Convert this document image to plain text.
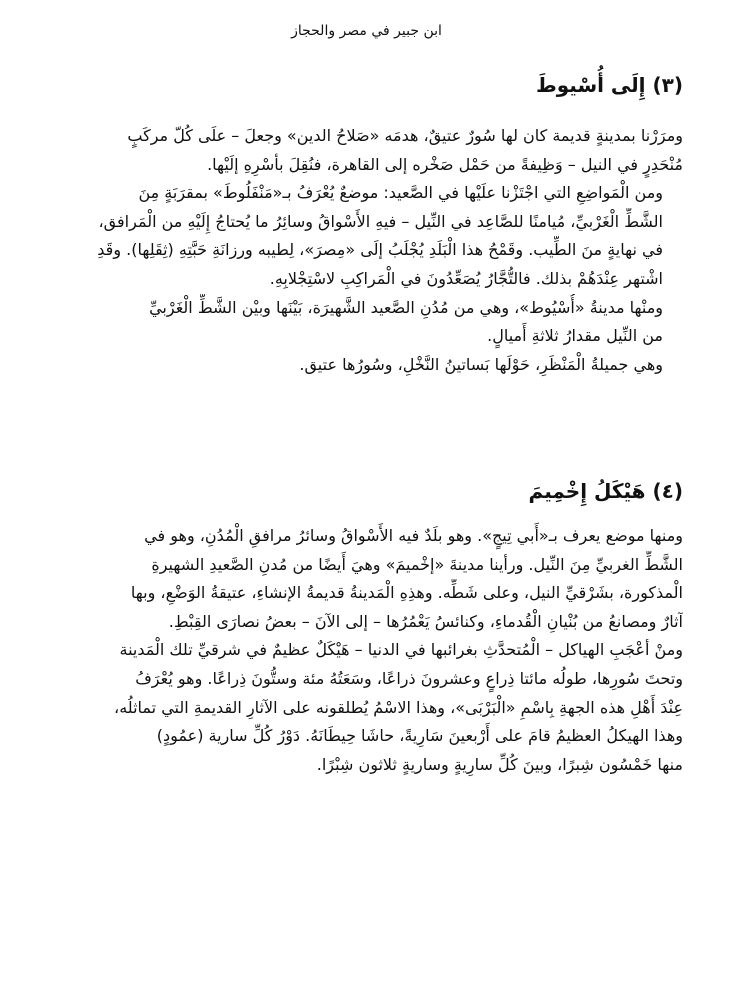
ابن جبير في مصر والحجاز
(٣) إِلَى أُسْيوطَ

ومرَرْنا بمدينةٍ قديمة كان لها سُورٌ عتيقٌ، هدمَه «صَلاحُ الدين» وجعلَ – علَى كُلّ مركَبٍ
مُنْحَدِرٍ في النيل – وَظِيفةً من حَمْل صَخْره إلى القاهرة، فنُقِلَ بأسْرِهِ إلَيْها.

ومن الْمَواضِعِ التي اجْتَزْنا علَيْها في الصَّعيد: موضعٌ يُعْرَفُ بـ«مَنْفَلُوطَ» بمقرَبَةٍ مِنَ
الشَّطِّ الْغَرْبيِّ، مُيامنًا للصَّاعِد في النِّيل – فيهِ الأَسْواقُ وسائِرُ ما يُحتاجُ إِلَيْهِ من الْمَرافق،
في نهايةٍ منَ الطِّيب. وقَمْحُ هذا الْبَلَدِ يُجْلَبُ إلَى «مِصرَ»، لِطيبه ورزانَةِ حَبَّتِهِ (ثِقَلِها). وقَدِ
اشْتهر عِنْدَهُمْ بذلك. فالتُّجَّارُ يُصَعِّدُونَ في الْمَراكِبِ لاسْتِجْلابِهِ.

ومنْها مدينةُ «أُسْيُوط»، وهي من مُدُنِ الصَّعيد الشَّهيرَة، بَيْنَها وبيْن الشَّطِّ الْغَرْبيِّ
من النِّيل مقدارُ ثلاثةِ أَميالٍ.

وهي جميلةُ الْمَنْظَرِ، حَوْلَها بَساتينُ النَّخْلِ، وسُورُها عتيق.

(٤) هَيْكَلُ إِخْمِيمَ

ومنها موضع يعرف بـ«أَبي تِيجٍ». وهو بلَدٌ فيه الأَسْواقُ وسائرُ مرافقِ الْمُدُنِ، وهو في
الشَّطِّ الغربيِّ مِنَ النِّيل. ورأينا مدينةَ «إخْميمَ» وهيَ أَيضًا من مُدنِ الصَّعيدِ الشهيرةِ
الْمذكورة، بشَرْقيِّ النيل، وعلى شَطِّه. وهذِهِ الْمَدينةُ قديمةُ الإنشاءِ، عتيقةُ الوَضْعِ، وبها
آثارٌ ومصانعُ من بُنْيانِ الْقُدماءِ، وكنائسُ يَعْمُرُها – إلى الآنَ – بعضُ نصارَى القِبْطِ.

ومنْ أعْجَبِ الهياكل – الْمُتحدَّثِ بغرائبها في الدنيا – هَيْكَلٌ عظيمٌ في شرقيِّ تلك الْمَدينة
وتحتَ سُورِها، طولُه مائتا ذِراعٍ وعشرونَ ذراعًا، وسَعَتُهُ مئة وستُّونَ ذِراعًا. وهو يُعْرَفُ
عِنْدَ أَهْلِ هذه الجهةِ بِاسْمِ «الْبَرْبَى»، وهذا الاسْمُ يُطلقونه على الآثارِ القديمةِ التي تماثلُه،
وهذا الهيكلُ العظيمُ قامَ على أَرْبعينَ سَارِيةً، حاشَا حِيطَانَهُ. دَوْرُ كُلِّ سارية (عمُودٍ)
منها خَمْسُون شِبرًا، وبينَ كُلِّ سارِيةٍ وساريةٍ ثلاثون شِبْرًا.
